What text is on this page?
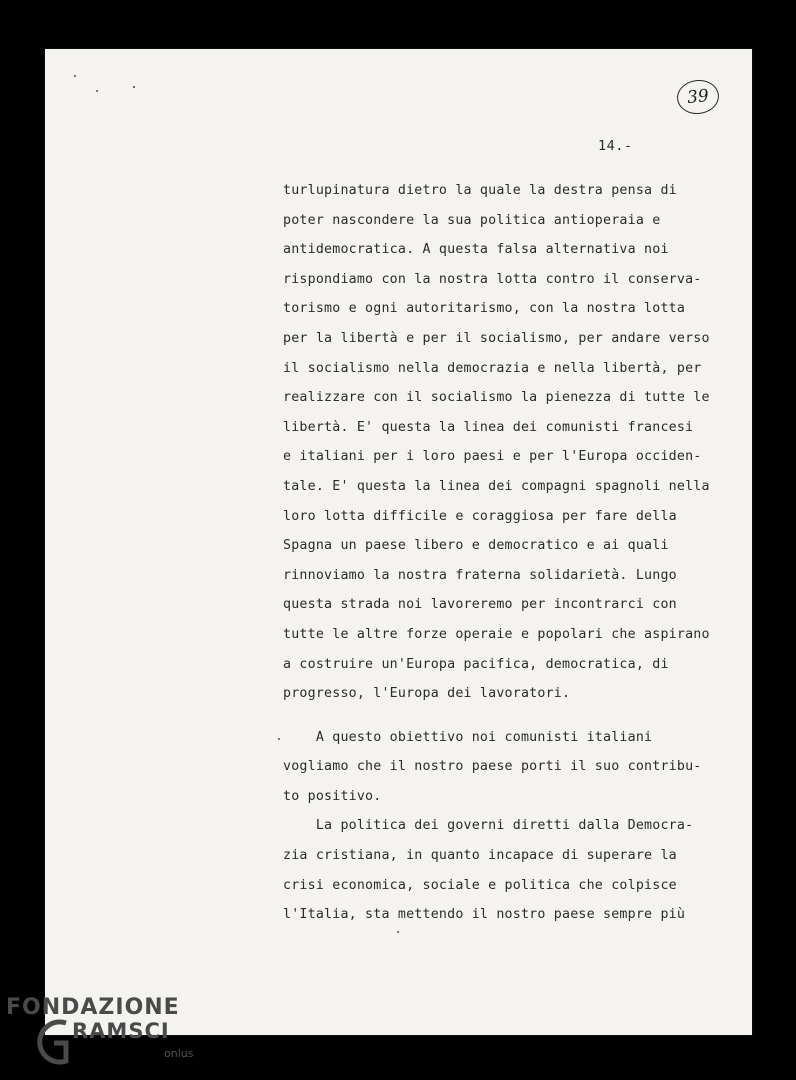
39
14.-
turlupinatura dietro la quale la destra pensa di
poter nascondere la sua politica antioperaia e
antidemocratica. A questa falsa alternativa noi
rispondiamo con la nostra lotta contro il conserva-
torismo e ogni autoritarismo, con la nostra lotta
per la libertà e per il socialismo, per andare verso
il socialismo nella democrazia e nella libertà, per
realizzare con il socialismo la pienezza di tutte le
libertà. E' questa la linea dei comunisti francesi
e italiani per i loro paesi e per l'Europa occiden-
tale. E' questa la linea dei compagni spagnoli nella
loro lotta difficile e coraggiosa per fare della
Spagna un paese libero e democratico e ai quali
rinnoviamo la nostra fraterna solidarietà. Lungo
questa strada noi lavoreremo per incontrarci con
tutte le altre forze operaie e popolari che aspirano
a costruire un'Europa pacifica, democratica, di
progresso, l'Europa dei lavoratori.
A questo obiettivo noi comunisti italiani
vogliamo che il nostro paese porti il suo contribu-
to positivo.
La politica dei governi diretti dalla Democra-
zia cristiana, in quanto incapace di superare la
crisi economica, sociale e politica che colpisce
l'Italia, sta mettendo il nostro paese sempre più
FONDAZIONE
RAMSCI
onlus
